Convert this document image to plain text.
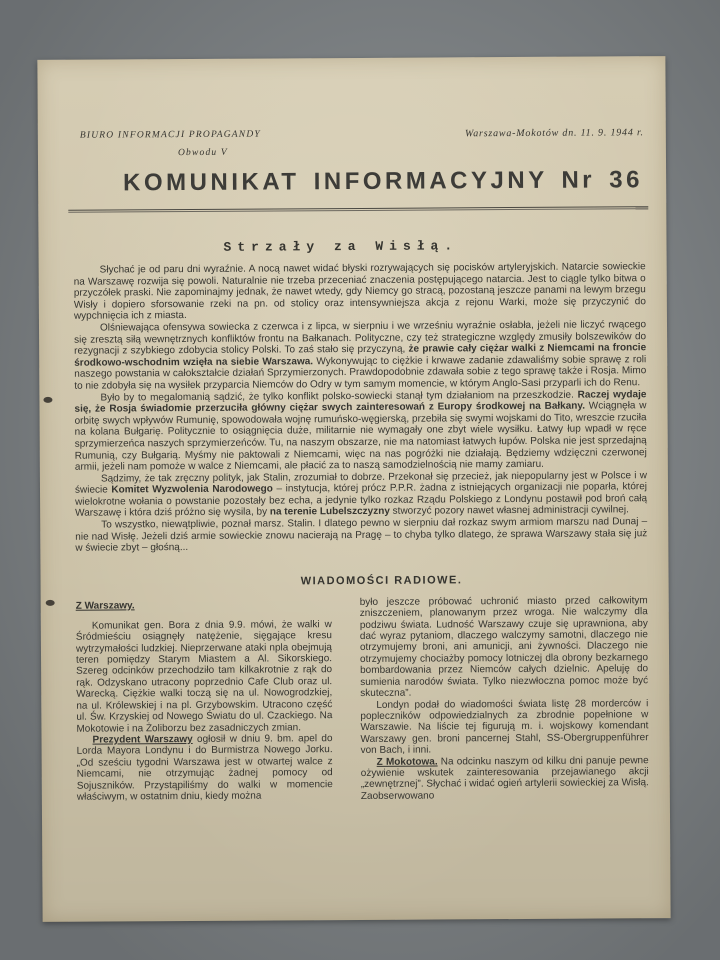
BIURO INFORMACJI PROPAGANDY
Obwodu V
Warszawa-Mokotów dn. 11. 9. 1944 r.
KOMUNIKAT INFORMACYJNY Nr 36
Strzały za Wisłą.

Słychać je od paru dni wyraźnie. A nocą nawet widać błyski rozrywających się pocisków artyleryjskich. Natarcie sowieckie na Warszawę rozwija się powoli. Naturalnie nie trzeba przeceniać znaczenia postępującego natarcia. Jest to ciągle tylko bitwa o przyczółek praski. Nie zapominajmy jednak, że nawet wtedy, gdy Niemcy go stracą, pozostaną jeszcze panami na lewym brzegu Wisły i dopiero sforsowanie rzeki na pn. od stolicy oraz intensywniejsza akcja z rejonu Warki, może się przyczynić do wypchnięcia ich z miasta.

Olśniewająca ofensywa sowiecka z czerwca i z lipca, w sierpniu i we wrześniu wyraźnie osłabła, jeżeli nie liczyć rwącego się zresztą siłą wewnętrznych konfliktów frontu na Bałkanach. Polityczne, czy też strategiczne względy zmusiły bolszewików do rezygnacji z szybkiego zdobycia stolicy Polski. To zaś stało się przyczyną, że prawie cały ciężar walki z Niemcami na froncie środkowo-wschodnim wzięła na siebie Warszawa. Wykonywując to ciężkie i krwawe zadanie zdawaliśmy sobie sprawę z roli naszego powstania w całokształcie działań Sprzymierzonych. Prawdopodobnie zdawała sobie z tego sprawę także i Rosja. Mimo to nie zdobyła się na wysiłek przyparcia Niemców do Odry w tym samym momencie, w którym Anglo-Sasi przyparli ich do Renu.

Było by to megalomanią sądzić, że tylko konflikt polsko-sowiecki stanął tym działaniom na przeszkodzie. Raczej wydaje się, że Rosja świadomie przerzuciła główny ciężar swych zainteresowań z Europy środkowej na Bałkany. Wciągnęła w orbitę swych wpływów Rumunię, spowodowała wojnę rumuńsko-węgierską, przebiła się swymi wojskami do Tito, wreszcie rzuciła na kolana Bułgarię. Politycznie to osiągnięcia duże, militarnie nie wymagały one zbyt wiele wysiłku. Łatwy łup wpadł w ręce sprzymierzeńca naszych sprzymierzeńców. Tu, na naszym obszarze, nie ma natomiast łatwych łupów. Polska nie jest sprzedajną Rumunią, czy Bułgarią. Myśmy nie paktowali z Niemcami, więc na nas pogróżki nie działają. Będziemy wdzięczni czerwonej armii, jeżeli nam pomoże w walce z Niemcami, ale płacić za to naszą samodzielnością nie mamy zamiaru.

Sądzimy, że tak zręczny polityk, jak Stalin, zrozumiał to dobrze. Przekonał się przecież, jak niepopularny jest w Polsce i w świecie Komitet Wyzwolenia Narodowego – instytucja, której prócz P.P.R. żadna z istniejących organizacji nie poparła, której wielokrotne wołania o powstanie pozostały bez echa, a jedynie tylko rozkaz Rządu Polskiego z Londynu postawił pod broń całą Warszawę i która dziś próżno się wysila, by na terenie Lubelszczyzny stworzyć pozory nawet własnej administracji cywilnej.

To wszystko, niewątpliwie, poznał marsz. Stalin. I dlatego pewno w sierpniu dał rozkaz swym armiom marszu nad Dunaj – nie nad Wisłę. Jeżeli dziś armie sowieckie znowu nacierają na Pragę – to chyba tylko dlatego, że sprawa Warszawy stała się już w świecie zbyt – głośną...

WIADOMOŚCI RADIOWE.
Z Warszawy.

Komunikat gen. Bora z dnia 9.9. mówi, że walki w Śródmieściu osiągnęły natężenie, sięgające kresu wytrzymałości ludzkiej. Nieprzerwane ataki npla obejmują teren pomiędzy Starym Miastem a Al. Sikorskiego. Szereg odcinków przechodziło tam kilkakrotnie z rąk do rąk. Odzyskano utracony poprzednio Cafe Club oraz ul. Warecką. Ciężkie walki toczą się na ul. Nowogrodzkiej, na ul. Królewskiej i na pl. Grzybowskim. Utracono część ul. Św. Krzyskiej od Nowego Światu do ul. Czackiego. Na Mokotowie i na Żoliborzu bez zasadniczych zmian.

Prezydent Warszawy ogłosił w dniu 9. bm. apel do Lorda Mayora Londynu i do Burmistrza Nowego Jorku. „Od sześciu tygodni Warszawa jest w otwartej walce z Niemcami, nie otrzymując żadnej pomocy od Sojuszników. Przystąpiliśmy do walki w momencie właściwym, w ostatnim dniu, kiedy można

było jeszcze próbować uchronić miasto przed całkowitym zniszczeniem, planowanym przez wroga. Nie walczymy dla podziwu świata. Ludność Warszawy czuje się uprawniona, aby dać wyraz pytaniom, dlaczego walczymy samotni, dlaczego nie otrzymujemy broni, ani amunicji, ani żywności. Dlaczego nie otrzymujemy chociażby pomocy lotniczej dla obrony bezkarnego bombardowania przez Niemców całych dzielnic. Apeluję do sumienia narodów świata. Tylko niezwłoczna pomoc może być skuteczna”.

Londyn podał do wiadomości świata listę 28 morderców i popleczników odpowiedzialnych za zbrodnie popełnione w Warszawie. Na liście tej figurują m. i. wojskowy komendant Warszawy gen. broni pancernej Stahl, SS-Obergruppenführer von Bach, i inni.

Z Mokotowa. Na odcinku naszym od kilku dni panuje pewne ożywienie wskutek zainteresowania przejawianego akcji „zewnętrznej”. Słychać i widać ogień artylerii sowieckiej za Wisłą. Zaobserwowano
